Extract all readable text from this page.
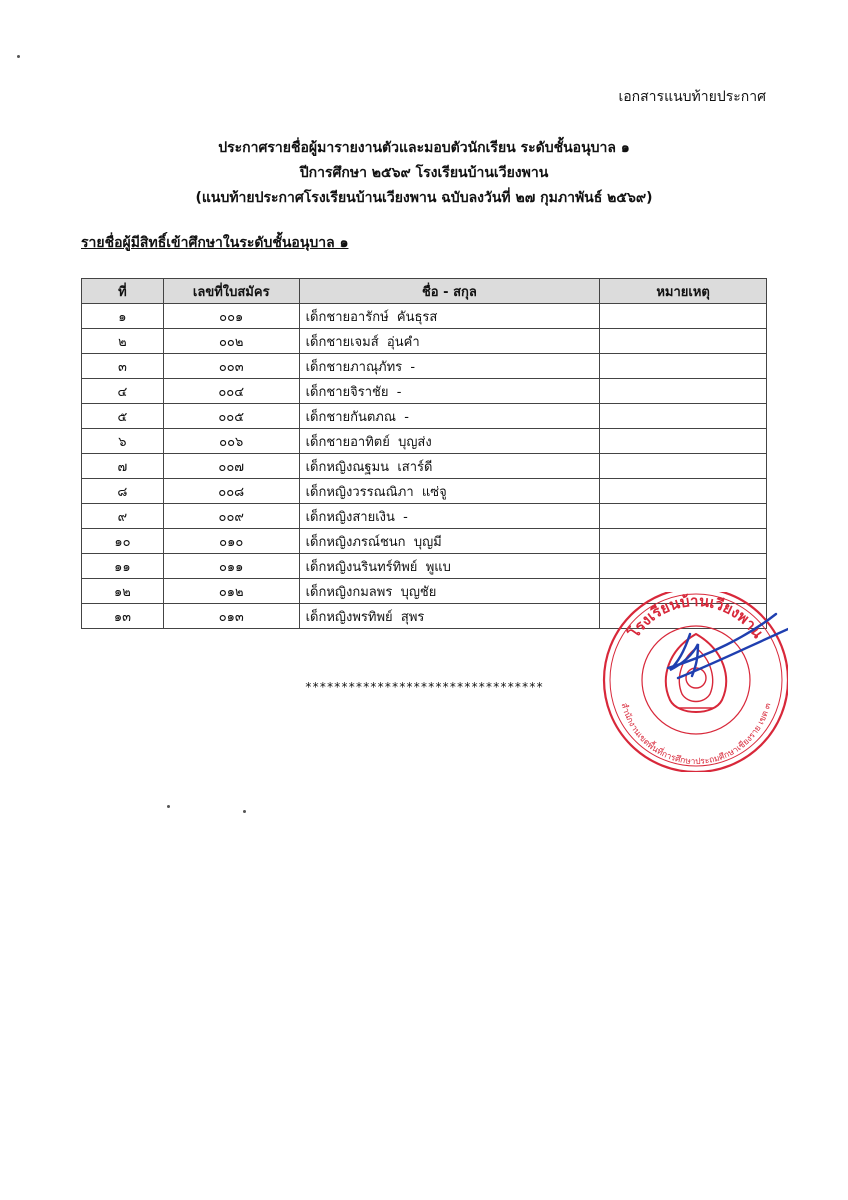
เอกสารแนบท้ายประกาศ
ประกาศรายชื่อผู้มารายงานตัวและมอบตัวนักเรียน ระดับชั้นอนุบาล ๑
ปีการศึกษา ๒๕๖๙ โรงเรียนบ้านเวียงพาน
(แนบท้ายประกาศโรงเรียนบ้านเวียงพาน ฉบับลงวันที่ ๒๗ กุมภาพันธ์ ๒๕๖๙)
รายชื่อผู้มีสิทธิ์เข้าศึกษาในระดับชั้นอนุบาล ๑
ที่	เลขที่ใบสมัคร	ชื่อ - สกุล	หมายเหตุ
๑	๐๐๑	เด็กชายอารักษ์  คันธุรส	
๒	๐๐๒	เด็กชายเจมส์  อุ่นคำ	
๓	๐๐๓	เด็กชายภาณุภัทร  -	
๔	๐๐๔	เด็กชายจิราชัย  -	
๕	๐๐๕	เด็กชายกันตภณ  -	
๖	๐๐๖	เด็กชายอาทิตย์  บุญส่ง	
๗	๐๐๗	เด็กหญิงณฐมน  เสาร์ดี	
๘	๐๐๘	เด็กหญิงวรรณณิภา  แซ่จู	
๙	๐๐๙	เด็กหญิงสายเงิน  -	
๑๐	๐๑๐	เด็กหญิงภรณ์ชนก  บุญมี	
๑๑	๐๑๑	เด็กหญิงนรินทร์ทิพย์  พูแบ	
๑๒	๐๑๒	เด็กหญิงกมลพร  บุญชัย	
๑๓	๐๑๓	เด็กหญิงพรทิพย์  สุพร	
*********************************
โรงเรียนบ้านเวียงพาน
สำนักงานเขตพื้นที่การศึกษาประถมศึกษาเชียงราย เขต ๓
